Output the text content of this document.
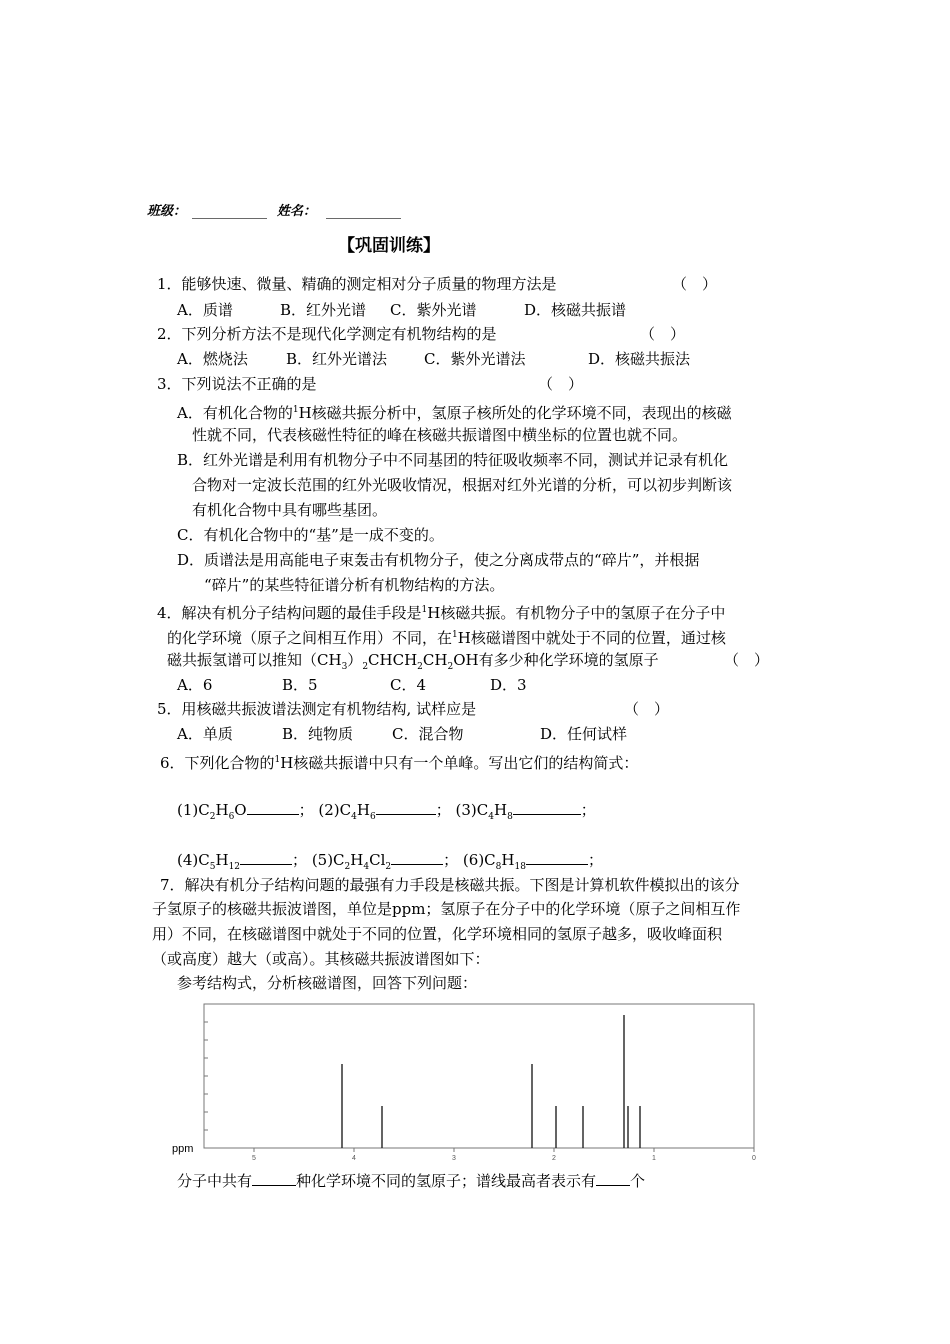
班级： __________ 姓名： __________
【巩固训练】
1．能够快速、微量、精确的测定相对分子质量的物理方法是	（　）
A．质谱	B．红外光谱 C．紫外光谱	D．核磁共振谱
2．下列分析方法不是现代化学测定有机物结构的是	（　）
A．燃烧法	B．红外光谱法 C．紫外光谱法	D．核磁共振法
3．下列说法不正确的是	（　）
A．有机化合物的$^1$H核磁共振分析中，氢原子核所处的化学环境不同，表现出的核磁
性就不同，代表核磁性特征的峰在核磁共振谱图中横坐标的位置也就不同。
B．红外光谱是利用有机物分子中不同基团的特征吸收频率不同，测试并记录有机化
合物对一定波长范围的红外光吸收情况，根据对红外光谱的分析，可以初步判断该
有机化合物中具有哪些基团。
C．有机化合物中的“基”是一成不变的。
D．质谱法是用高能电子束轰击有机物分子，使之分离成带点的“碎片”，并根据
“碎片”的某些特征谱分析有机物结构的方法。
4．解决有机分子结构问题的最佳手段是$^1$H核磁共振。有机物分子中的氢原子在分子中
的化学环境（原子之间相互作用）不同，在$^1$H核磁谱图中就处于不同的位置，通过核
磁共振氢谱可以推知$(CH_3)_2CHCH_2CH_2OH$有多少种化学环境的氢原子	（　）
A．6	B．5	C．4	D．3
5．用核磁共振波谱法测定有机物结构, 试样应是	（　）
A．单质	B．纯物质	C．混合物	D．任何试样
6．下列化合物的$^1$H核磁共振谱中只有一个单峰。写出它们的结构简式：
$(1)C_2H_6O$	； $(2)C_4H_6$	； $(3)C_4H_8$	；
$(4)C_5H_{12}$	； $(5)C_2H_4Cl_2$	； $(6)C_8H_{18}$	；
7．解决有机分子结构问题的最强有力手段是核磁共振。下图是计算机软件模拟出的该分
子氢原子的核磁共振波谱图，单位是ppm；氢原子在分子中的化学环境（原子之间相互作
用）不同，在核磁谱图中就处于不同的位置，化学环境相同的氢原子越多，吸收峰面积
（或高度）越大（或高）。其核磁共振波谱图如下：
参考结构式，分析核磁谱图，回答下列问题：
5	4	3	2	1	0
ppm
分子中共有	种化学环境不同的氢原子；谱线最高者表示有 个
